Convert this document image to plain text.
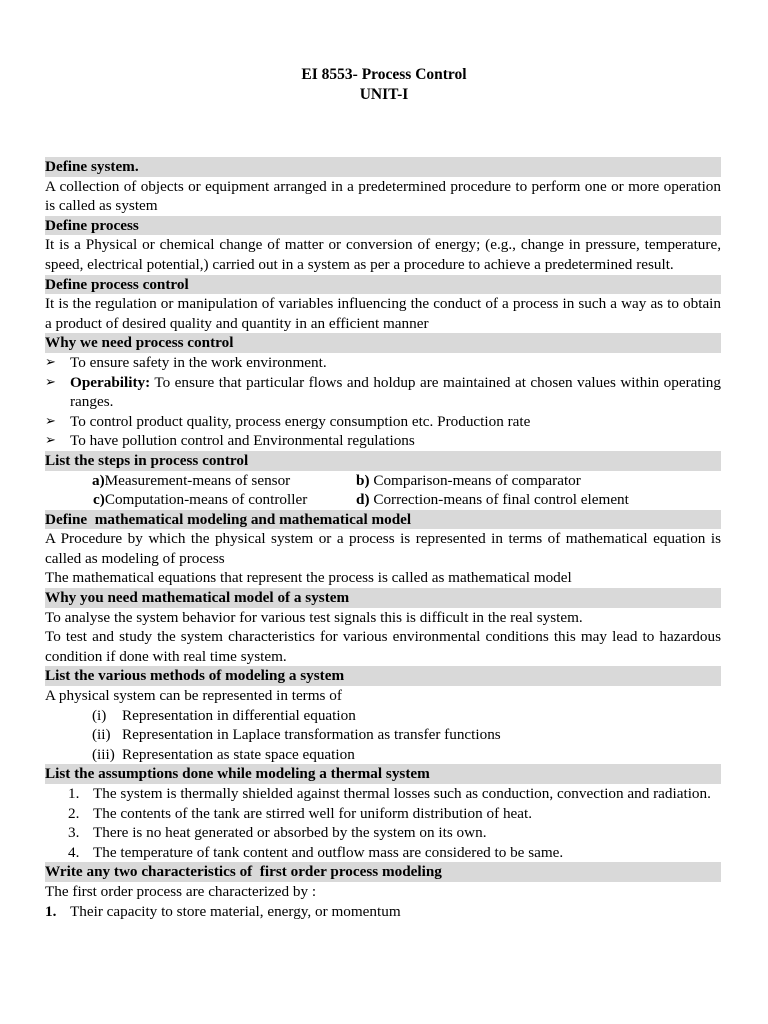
EI 8553- Process Control
UNIT-I
Define system.
A collection of objects or equipment arranged in a predetermined procedure to perform one or more operation is called as system
Define process
It is a Physical or chemical change of matter or conversion of energy; (e.g., change in pressure, temperature, speed, electrical potential,) carried out in a system as per a procedure to achieve a predetermined result.
Define process control
It is the regulation or manipulation of variables influencing the conduct of a process in such a way as to obtain a product of desired quality and quantity in an efficient manner
Why we need process control
➢ To ensure safety in the work environment.
➢ Operability: To ensure that particular flows and holdup are maintained at chosen values within operating ranges.
➢ To control product quality, process energy consumption etc. Production rate
➢ To have pollution control and Environmental regulations
List the steps in process control
a)Measurement-means of sensor	b) Comparison-means of comparator
c)Computation-means of controller	d) Correction-means of final control element
Define  mathematical modeling and mathematical model
A Procedure by which the physical system or a process is represented in terms of mathematical equation is called as modeling of process
The mathematical equations that represent the process is called as mathematical model
Why you need mathematical model of a system
To analyse the system behavior for various test signals this is difficult in the real system.
To test and study the system characteristics for various environmental conditions this may lead to hazardous condition if done with real time system.
List the various methods of modeling a system
A physical system can be represented in terms of
(i)	Representation in differential equation
(ii) Representation in Laplace transformation as transfer functions
(iii) Representation as state space equation
List the assumptions done while modeling a thermal system
1. The system is thermally shielded against thermal losses such as conduction, convection and radiation.
2. The contents of the tank are stirred well for uniform distribution of heat.
3. There is no heat generated or absorbed by the system on its own.
4. The temperature of tank content and outflow mass are considered to be same.
Write any two characteristics of  first order process modeling
The first order process are characterized by :
1. Their capacity to store material, energy, or momentum
